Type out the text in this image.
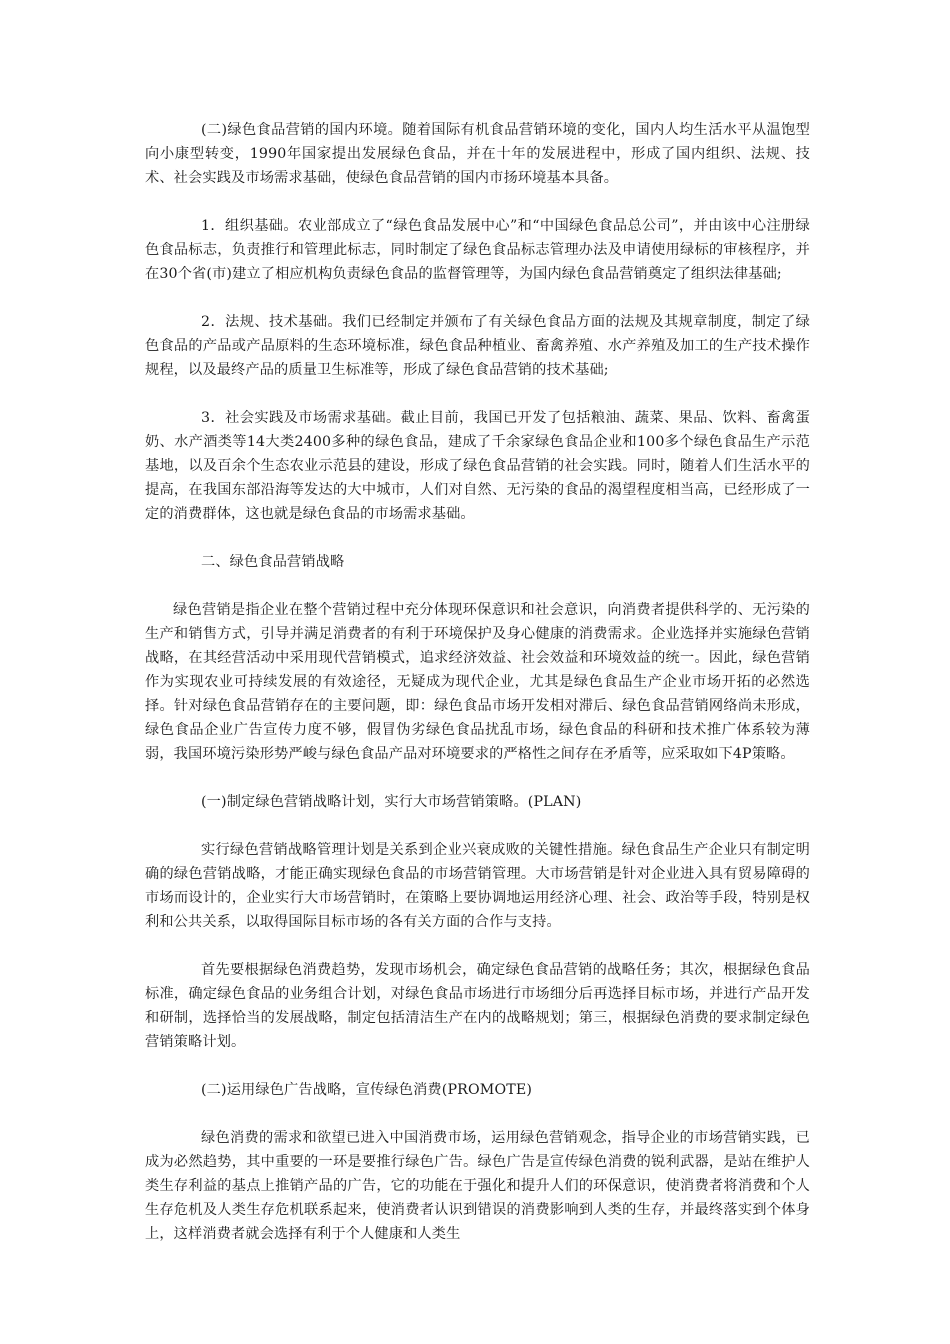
(二)绿色食品营销的国内环境。随着国际有机食品营销环境的变化，国内人均生活水平从温饱型向小康型转变，1990年国家提出发展绿色食品，并在十年的发展进程中，形成了国内组织、法规、技术、社会实践及市场需求基础，使绿色食品营销的国内市扬环境基本具备。

1．组织基础。农业部成立了“绿色食品发展中心”和“中国绿色食品总公司”，并由该中心注册绿色食品标志，负责推行和管理此标志，同时制定了绿色食品标志管理办法及申请使用绿标的审核程序，并在30个省(市)建立了相应机构负责绿色食品的监督管理等，为国内绿色食品营销奠定了组织法律基础;

2．法规、技术基础。我们已经制定并颁布了有关绿色食品方面的法规及其规章制度，制定了绿色食品的产品或产品原料的生态环境标准，绿色食品种植业、畜禽养殖、水产养殖及加工的生产技术操作规程，以及最终产品的质量卫生标准等，形成了绿色食品营销的技术基础;

3．社会实践及市场需求基础。截止目前，我国已开发了包括粮油、蔬菜、果品、饮料、畜禽蛋奶、水产酒类等14大类2400多种的绿色食品，建成了千余家绿色食品企业和100多个绿色食品生产示范基地，以及百余个生态农业示范县的建设，形成了绿色食品营销的社会实践。同时，随着人们生活水平的提高，在我国东部沿海等发达的大中城市，人们对自然、无污染的食品的渴望程度相当高，已经形成了一定的消费群体，这也就是绿色食品的市场需求基础。

二、绿色食品营销战略

绿色营销是指企业在整个营销过程中充分体现环保意识和社会意识，向消费者提供科学的、无污染的生产和销售方式，引导并满足消费者的有利于环境保护及身心健康的消费需求。企业选择并实施绿色营销战略，在其经营活动中采用现代营销模式，追求经济效益、社会效益和环境效益的统一。因此，绿色营销作为实现农业可持续发展的有效途径，无疑成为现代企业，尤其是绿色食品生产企业市场开拓的必然选择。针对绿色食品营销存在的主要问题，即：绿色食品市场开发相对滞后、绿色食品营销网络尚未形成，绿色食品企业广告宣传力度不够，假冒伪劣绿色食品扰乱市场，绿色食品的科研和技术推广体系较为薄弱，我国环境污染形势严峻与绿色食品产品对环境要求的严格性之间存在矛盾等，应采取如下4P策略。

(一)制定绿色营销战略计划，实行大市场营销策略。(PLAN)

实行绿色营销战略管理计划是关系到企业兴衰成败的关键性措施。绿色食品生产企业只有制定明确的绿色营销战略，才能正确实现绿色食品的市场营销管理。大市场营销是针对企业进入具有贸易障碍的市场而设计的，企业实行大市场营销时，在策略上要协调地运用经济心理、社会、政治等手段，特别是权利和公共关系，以取得国际目标市场的各有关方面的合作与支持。

首先要根据绿色消费趋势，发现市场机会，确定绿色食品营销的战略任务；其次，根据绿色食品标准，确定绿色食品的业务组合计划，对绿色食品市场进行市场细分后再选择目标市场，并进行产品开发和研制，选择恰当的发展战略，制定包括清洁生产在内的战略规划；第三，根据绿色消费的要求制定绿色营销策略计划。

(二)运用绿色广告战略，宣传绿色消费(PROMOTE)

绿色消费的需求和欲望已进入中国消费市场，运用绿色营销观念，指导企业的市场营销实践，已成为必然趋势，其中重要的一环是要推行绿色广告。绿色广告是宣传绿色消费的锐利武器，是站在维护人类生存利益的基点上推销产品的广告，它的功能在于强化和提升人们的环保意识，使消费者将消费和个人生存危机及人类生存危机联系起来，使消费者认识到错误的消费影响到人类的生存，并最终落实到个体身上，这样消费者就会选择有利于个人健康和人类生
